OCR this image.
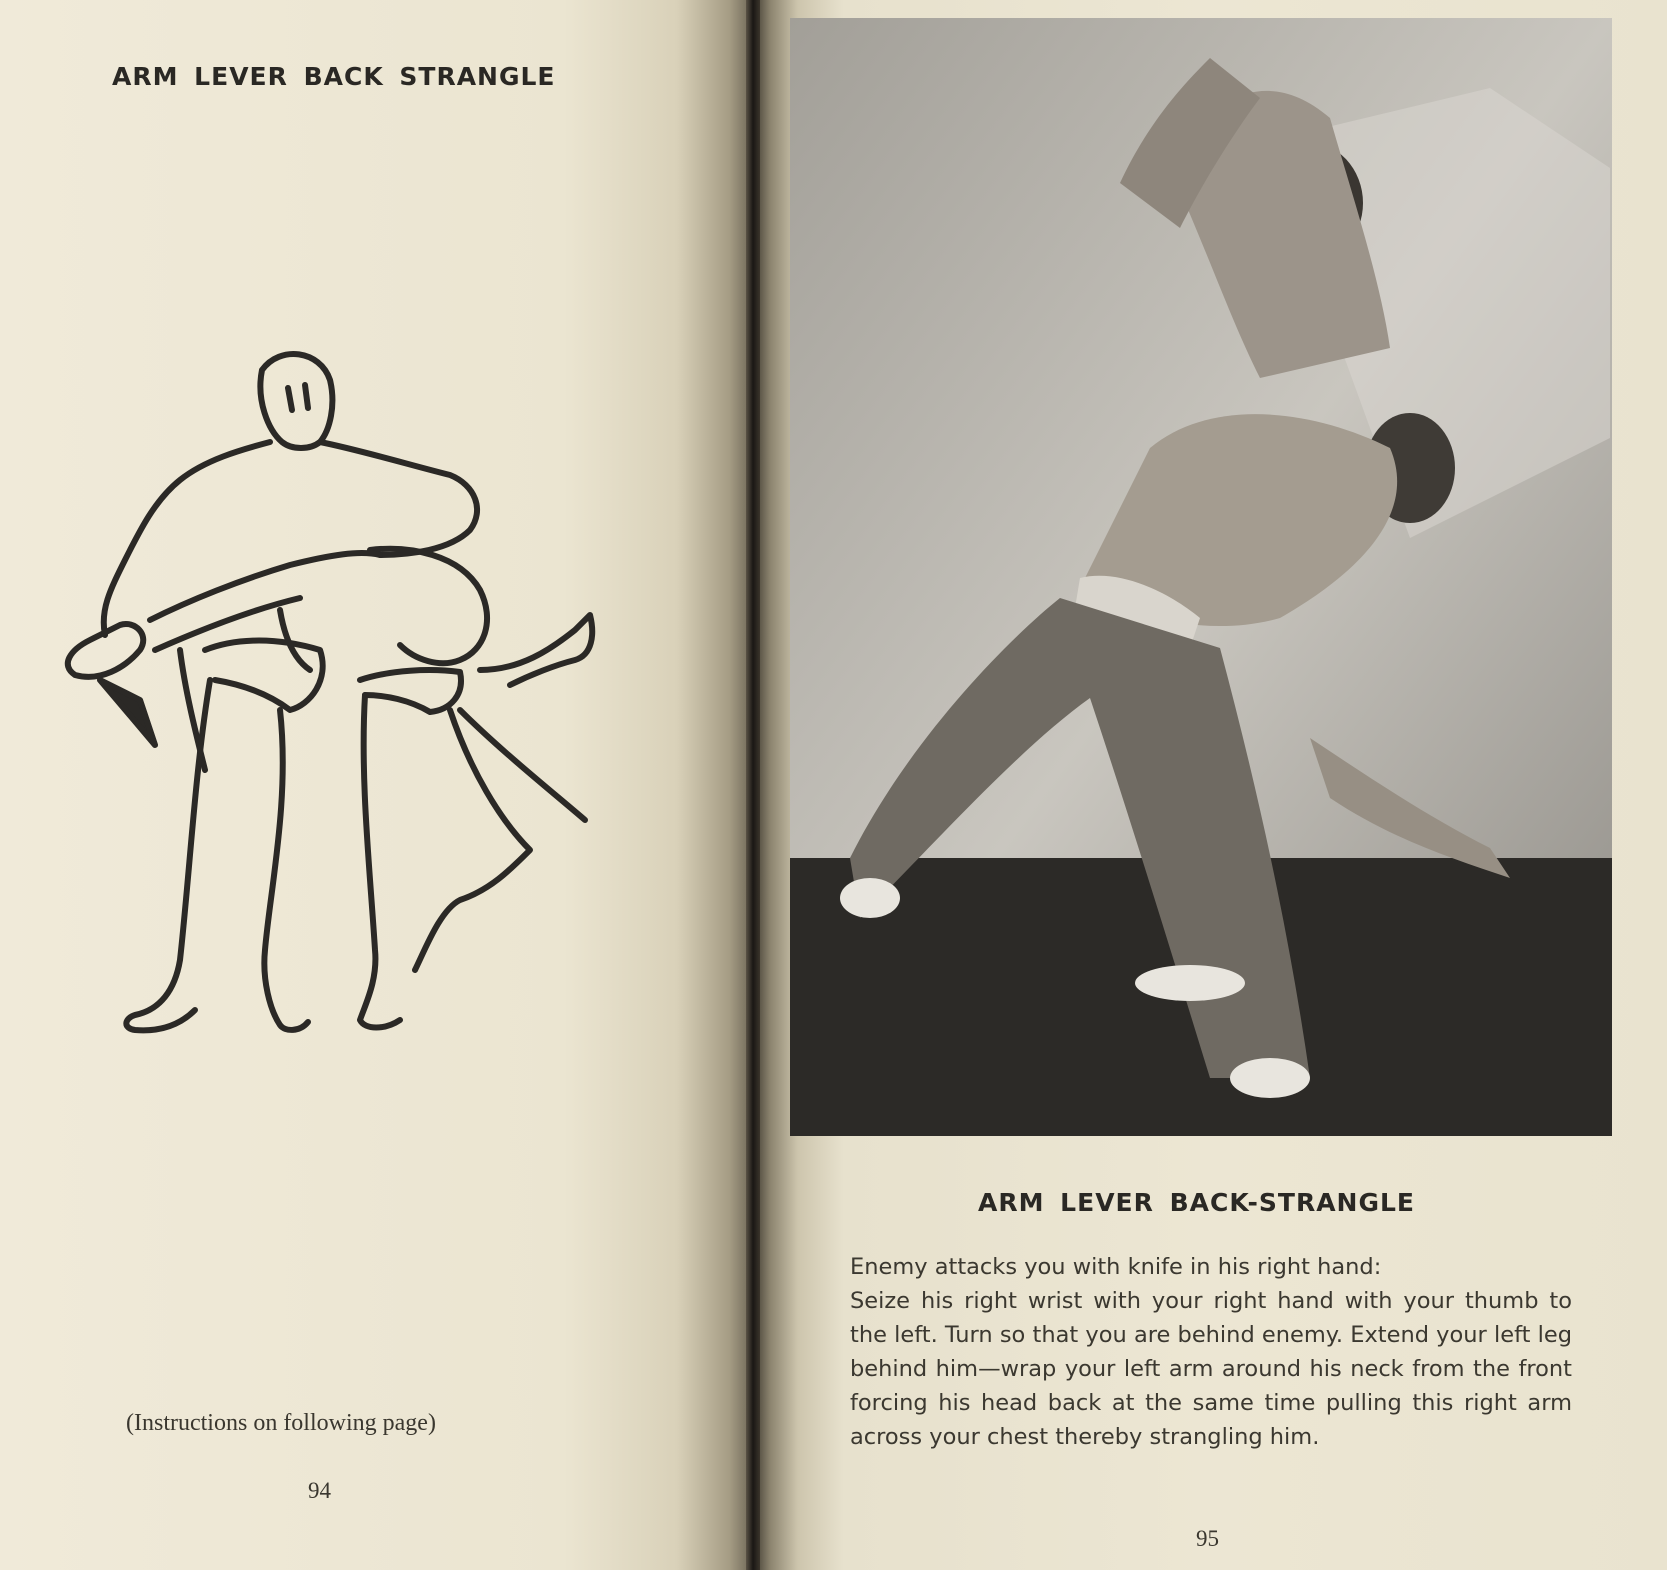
ARM LEVER BACK STRANGLE
(Instructions on following page)
94
ARM LEVER BACK-STRANGLE

Enemy attacks you with knife in his right hand:

Seize his right wrist with your right hand with your thumb to the left. Turn so that you are behind enemy. Extend your left leg behind him—wrap your left arm around his neck from the front forcing his head back at the same time pulling this right arm across your chest thereby strangling him.

95
